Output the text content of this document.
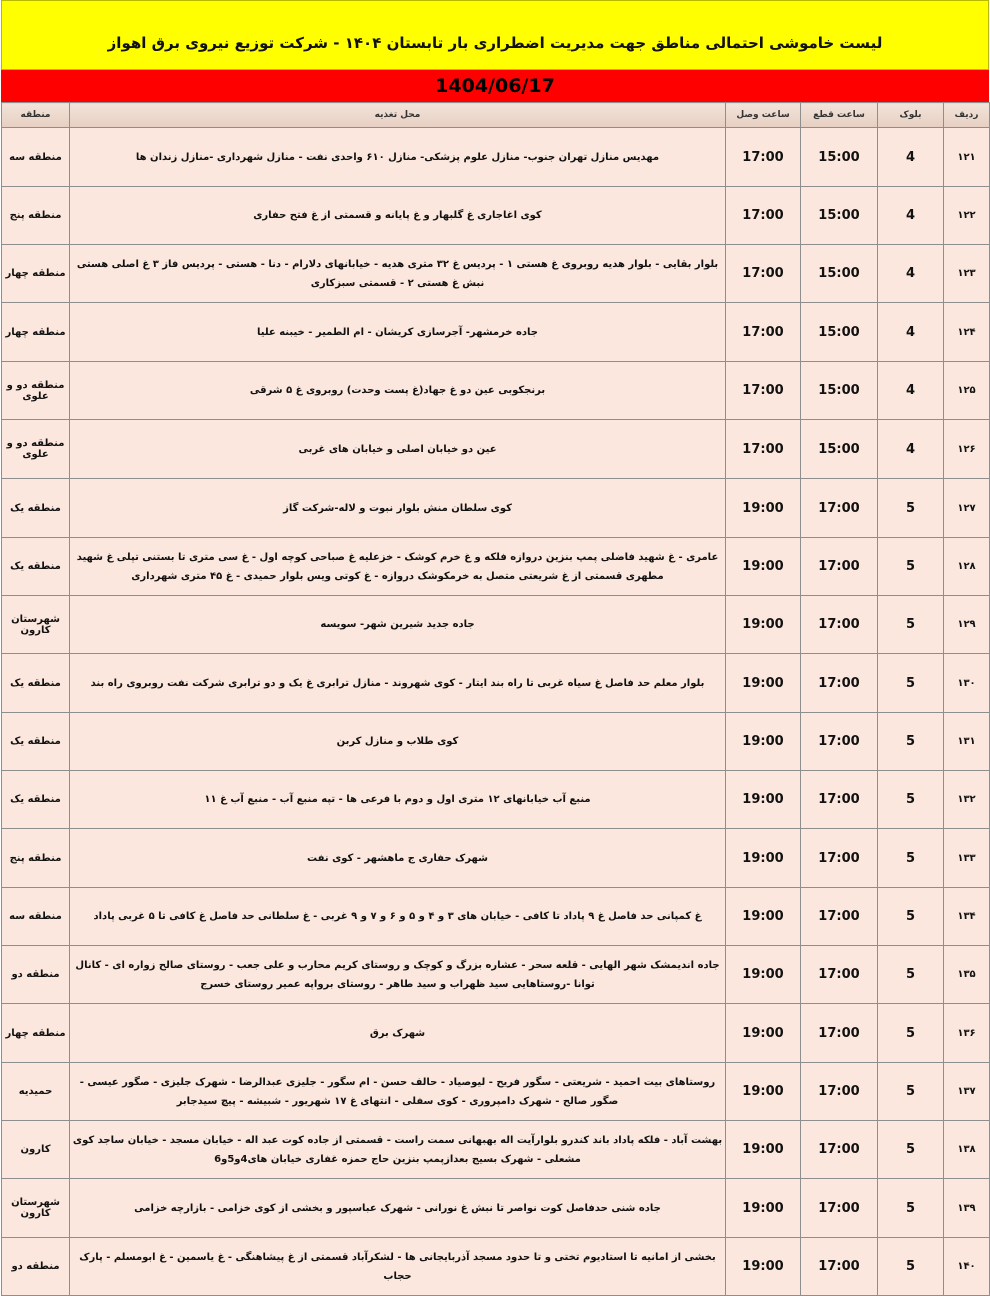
لیست خاموشی احتمالی مناطق جهت مدیریت اضطراری بار تابستان ۱۴۰۴ - شرکت توزیع نیروی برق اهواز
1404/06/17
ردیف	بلوک	ساعت قطع	ساعت وصل	محل تغذیه	منطقه
۱۲۱	4	15:00	17:00	مهدیس منازل تهران جنوب- منازل علوم پزشکی- منازل ۶۱۰ واحدی نفت - منازل شهرداری -منازل زندان ها	منطقه سه
۱۲۲	4	15:00	17:00	کوی اغاجاری غ گلبهار و غ پایانه و قسمتی از غ فتح حفاری	منطقه پنج
۱۲۳	4	15:00	17:00	بلوار بقایی - بلوار هدیه روبروی غ هستی ۱ - پردیس غ ۳۲ متری هدیه - خیابانهای دلارام - دنا - هستی - پردیس فاز ۳ غ اصلی هستی نبش غ هستی ۲ - قسمتی سبزکاری	منطقه چهار
۱۲۴	4	15:00	17:00	جاده خرمشهر- آجرسازی کریشان - ام الطمیر - خیبنه علیا	منطقه چهار
۱۲۵	4	15:00	17:00	برنجکوبی عین دو غ جهاد(غ پست وحدت) روبروی غ ۵ شرقی	منطقه دو و علوی
۱۲۶	4	15:00	17:00	عین دو خیابان اصلی و خیابان های غربی	منطقه دو و علوی
۱۲۷	5	17:00	19:00	کوی سلطان منش بلوار نبوت و لاله-شرکت گاز	منطقه یک
۱۲۸	5	17:00	19:00	عامری - غ شهید فاضلی پمپ بنزین دروازه فلکه و غ خرم کوشک - خزعلیه غ صباحی کوچه اول - غ سی متری تا بستنی تپلی غ شهید مطهری قسمتی از غ شریعتی متصل به خرمکوشک دروازه - غ کوتی ویس بلوار حمیدی - غ ۴۵ متری شهرداری	منطقه یک
۱۲۹	5	17:00	19:00	جاده جدید شیرین شهر- سویسه	شهرستان کارون
۱۳۰	5	17:00	19:00	بلوار معلم حد فاصل غ سیاه غربی تا راه بند ایتار - کوی شهروند - منازل ترابری غ یک و دو ترابری شرکت نفت روبروی راه بند	منطقه یک
۱۳۱	5	17:00	19:00	کوی طلاب و منازل کربن	منطقه یک
۱۳۲	5	17:00	19:00	منبع آب خیابانهای ۱۲ متری اول و دوم با فرعی ها - تپه منبع آب - منبع آب غ ۱۱	منطقه یک
۱۳۳	5	17:00	19:00	شهرک حفاری ج ماهشهر - کوی نفت	منطقه پنج
۱۳۴	5	17:00	19:00	غ کمپانی حد فاصل غ ۹ پاداد تا کافی - خیابان های ۳ و ۴ و ۵ و ۶ و ۷ و ۹ غربی - غ سلطانی حد فاصل غ کافی تا ۵ غربی پاداد	منطقه سه
۱۳۵	5	17:00	19:00	جاده اندیمشک شهر الهایی - قلعه سحر - عشاره بزرگ و کوچک و روستای کریم محارب و علی جعب - روستای صالح زواره ای - کانال توانا -روستاهایی سید ظهراب و سید طاهر - روستای برواپه عمیر روستای خسرج	منطقه دو
۱۳۶	5	17:00	19:00	شهرک برق	منطقه چهار
۱۳۷	5	17:00	19:00	روستاهای بیت احمید - شریعتی - سگور فریح - لیوصیاد - حالف حسن - ام سگور - جلیزی عبدالرضا - شهرک جلیزی - صگور عیسی - صگور صالح - شهرک دامپروری - کوی سفلی - انتهای غ ۱۷ شهریور - شبیشه - پیچ سیدجابر	حمیدیه
۱۳۸	5	17:00	19:00	بهشت آباد - فلکه پاداد باند کندرو بلوارآیت اله بهبهانی سمت راست - قسمتی از جاده کوت عبد اله - خیابان مسجد - خیابان ساجد کوی مشعلی - شهرک بسیج بعدازپمپ بنزین حاج حمزه غفاری خیابان های4و5و6	کارون
۱۳۹	5	17:00	19:00	جاده شنی حدفاصل کوت نواصر تا نبش غ نورانی - شهرک عباسپور و بخشی از کوی خزامی - بازارچه خزامی	شهرستان کارون
۱۴۰	5	17:00	19:00	بخشی از امانیه تا استادیوم تختی و تا حدود مسجد آذربایجانی ها - لشکرآباد قسمتی از غ پیشاهنگی - غ یاسمین - غ ابومسلم - پارک حجاب	منطقه دو
